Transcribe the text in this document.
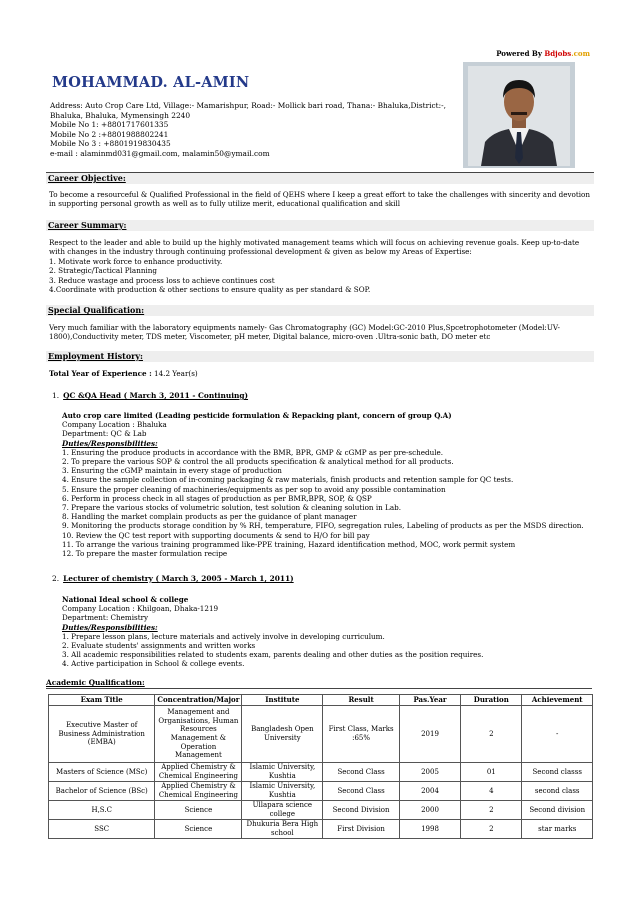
Powered By Bdjobs.com
MOHAMMAD. AL-AMIN
Address: Auto Crop Care Ltd, Village:- Mamarishpur, Road:- Mollick bari road, Thana:- Bhaluka,District:-, Bhaluka, Bhaluka, Mymensingh 2240
Mobile No 1: +8801717601335
Mobile No 2 :+8801988802241
Mobile No 3 : +8801919830435
e-mail : alaminmd031@gmail.com, malamin50@ymail.com
Career Objective:
To become a resourceful & Qualified Professional in the field of QEHS where I keep a great effort to take the challenges with sincerity and devotion in supporting personal growth as well as to fully utilize merit, educational qualification and skill
Career Summary:
Respect to the leader and able to build up the highly motivated management teams which will focus on achieving revenue goals. Keep up-to-date with changes in the industry through continuing professional development & given as below my Areas of Expertise:
1. Motivate work force to enhance productivity.
2. Strategic/Tactical Planning
3. Reduce wastage and process loss to achieve continues cost
4.Coordinate with production & other sections to ensure quality as per standard & SOP.
Special Qualification:
Very much familiar with the laboratory equipments namely- Gas Chromatography (GC) Model:GC-2010 Plus,Spcetrophotometer (Model:UV-1800),Conductivity meter, TDS meter, Viscometer, pH meter, Digital balance, micro-oven .Ultra-sonic bath, DO meter etc
Employment History:
Total Year of Experience : 14.2 Year(s)
1. QC &QA Head ( March 3, 2011 - Continuing)
Auto crop care limited (Leading pesticide formulation & Repacking plant, concern of group Q.A)
Company Location : Bhaluka
Department: QC & Lab
Duties/Responsibilities:
1. Ensuring the produce products in accordance with the BMR, BPR, GMP & cGMP as per pre-schedule.
2. To prepare the various SOP & control the all products specification & analytical method for all products.
3. Ensuring the cGMP maintain in every stage of production
4. Ensure the sample collection of in-coming packaging & raw materials, finish products and retention sample for QC tests.
5. Ensure the proper cleaning of machineries/equipments as per sop to avoid any possible contamination
6. Perform in process check in all stages of production as per BMR,BPR, SOP, & QSP
7. Prepare the various stocks of volumetric solution, test solution & cleaning solution in Lab.
8. Handling the market complain products as per the guidance of plant manager
9. Monitoring the products storage condition by % RH, temperature, FIFO, segregation rules, Labeling of products as per the MSDS direction.
10. Review the QC test report with supporting documents & send to H/O for bill pay
11. To arrange the various training programmed like-PPE training, Hazard identification method, MOC, work permit system
12. To prepare the master formulation recipe
2. Lecturer of chemistry ( March 3, 2005 - March 1, 2011)
National Ideal school & college
Company Location : Khilgoan, Dhaka-1219
Department: Chemistry
Duties/Responsibilities:
1. Prepare lesson plans, lecture materials and actively involve in developing curriculum.
2. Evaluate students' assignments and written works
3. All academic responsibilities related to students exam, parents dealing and other duties as the position requires.
4. Active participation in School & college events.
Academic Qualification:
Exam Title	Concentration/Major	Institute	Result	Pas.Year	Duration	Achievement
Executive Master of Business Administration (EMBA)	Management and Organisations, Human Resources Management & Operation Management	Bangladesh Open University	First Class, Marks :65%	2019	2	-
Masters of Science (MSc)	Applied Chemistry & Chemical Engineering	Islamic University, Kushtia	Second Class	2005	01	Second classs
Bachelor of Science (BSc)	Applied Chemistry & Chemical Engineering	Islamic University, Kushtia	Second Class	2004	4	second class
H,S.C	Science	Ullapara science college	Second Division	2000	2	Second division
SSC	Science	Dhukuria Bera High school	First Division	1998	2	star marks
